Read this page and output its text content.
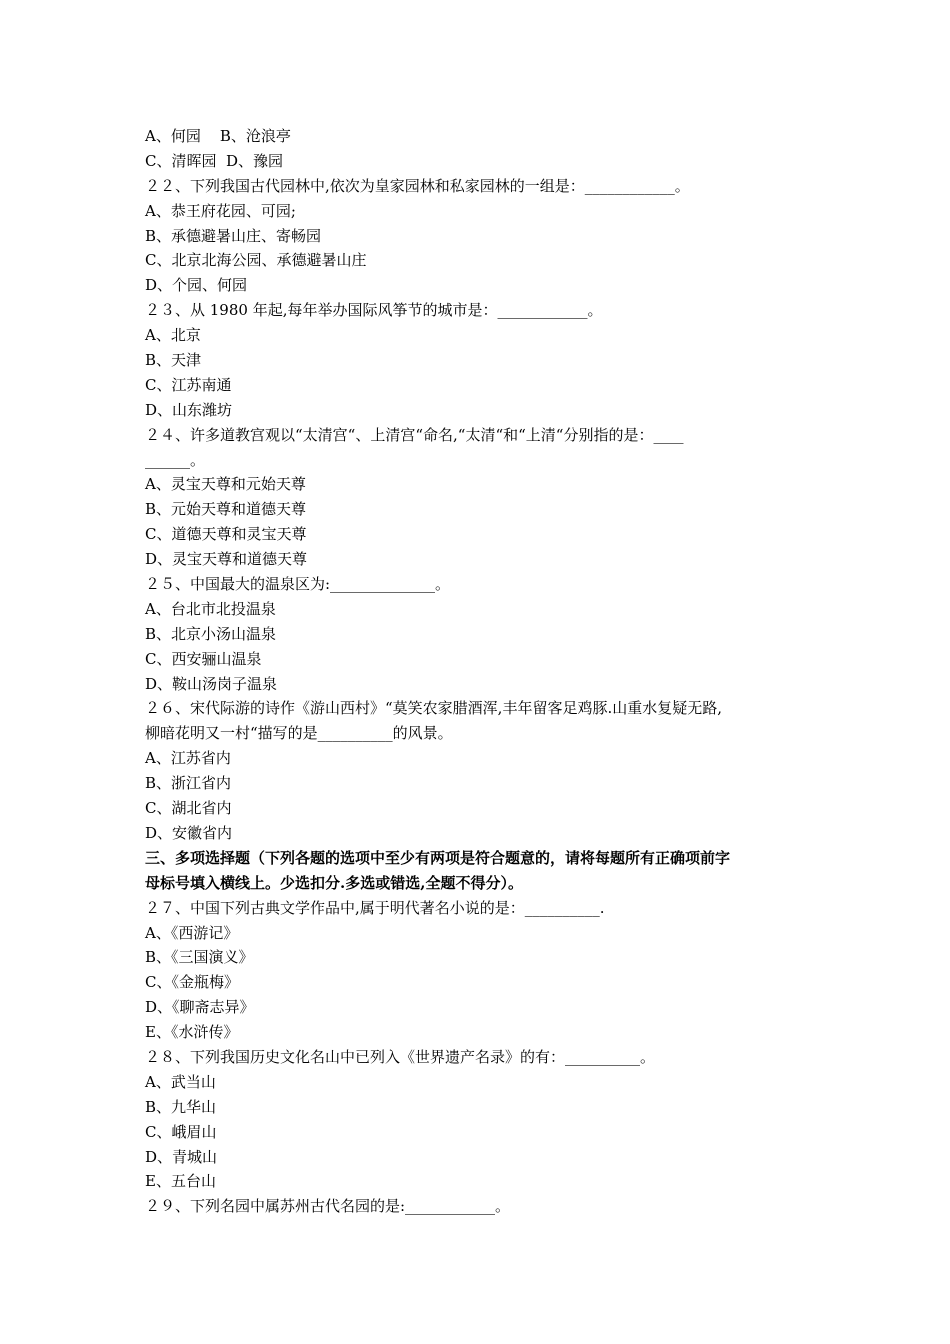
A、何园    B、沧浪亭
C、清晖园  D、豫园
２２、下列我国古代园林中,依次为皇家园林和私家园林的一组是：____________。
A、恭王府花园、可园;
B、承德避暑山庄、寄畅园
C、北京北海公园、承德避暑山庄
D、个园、何园
２３、从 1980 年起,每年举办国际风筝节的城市是：____________。
A、北京
B、天津
C、江苏南通
D、山东潍坊
２４、许多道教宫观以“太清宫“、上清宫“命名,“太清“和“上清“分别指的是：____
______。
A、灵宝天尊和元始天尊
B、元始天尊和道德天尊
C、道德天尊和灵宝天尊
D、灵宝天尊和道德天尊
２５、中国最大的温泉区为:______________。
A、台北市北投温泉
B、北京小汤山温泉
C、西安骊山温泉
D、鞍山汤岗子温泉
２６、宋代际游的诗作《游山西村》“莫笑农家腊酒浑,丰年留客足鸡豚.山重水复疑无路,
柳暗花明又一村“描写的是__________的风景。
A、江苏省内
B、浙江省内
C、湖北省内
D、安徽省内
三、多项选择题（下列各题的选项中至少有两项是符合题意的，请将每题所有正确项前字
母标号填入横线上。少选扣分.多选或错选,全题不得分）。
２７、中国下列古典文学作品中,属于明代著名小说的是：__________.
A、《西游记》
B、《三国演义》
C、《金瓶梅》
D、《聊斋志异》
E、《水浒传》
２８、下列我国历史文化名山中已列入《世界遗产名录》的有：__________。
A、武当山
B、九华山
C、峨眉山
D、青城山
E、五台山
２９、下列名园中属苏州古代名园的是:____________。
